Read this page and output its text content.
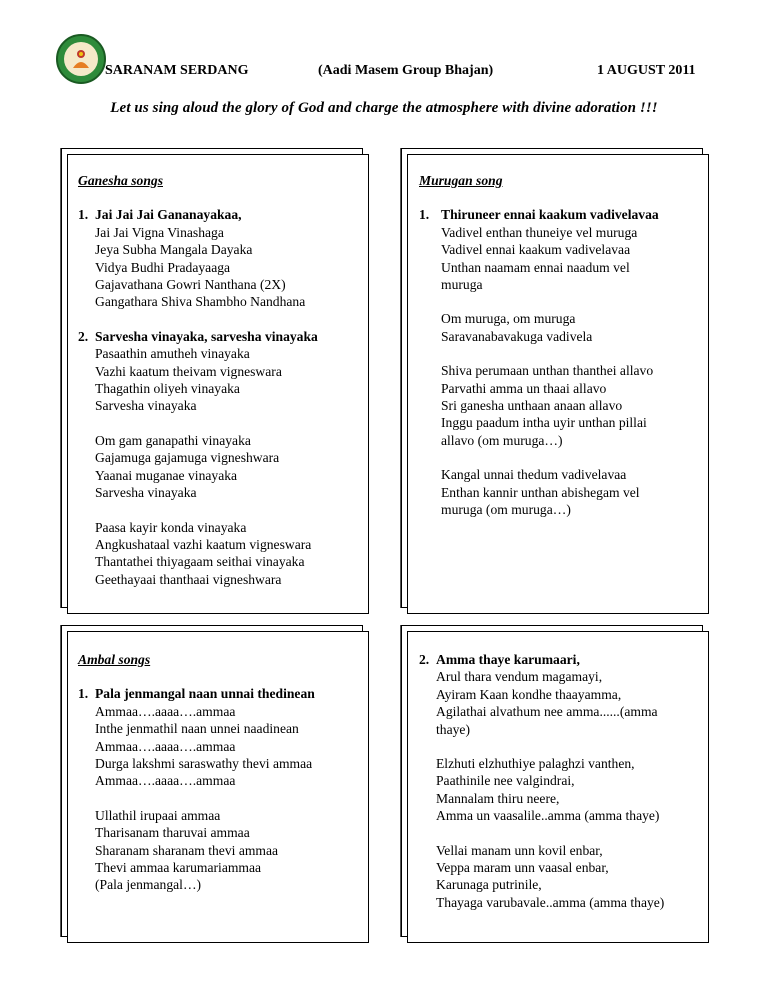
SARANAM SERDANG	(Aadi Masem Group Bhajan)	1 AUGUST 2011
Let us sing aloud the glory of God and charge the atmosphere with divine adoration !!!
Ganesha songs
1. Jai Jai Jai Gananayakaa,
Jai Jai Vigna Vinashaga
Jeya Subha Mangala Dayaka
Vidya Budhi Pradayaaga
Gajavathana Gowri Nanthana (2X)
Gangathara Shiva Shambho Nandhana
2. Sarvesha vinayaka, sarvesha vinayaka
Pasaathin amutheh vinayaka
Vazhi kaatum theivam vigneswara
Thagathin oliyeh vinayaka
Sarvesha vinayaka
Om gam ganapathi vinayaka
Gajamuga gajamuga vigneshwara
Yaanai muganae vinayaka
Sarvesha vinayaka
Paasa kayir konda vinayaka
Angkushataal vazhi kaatum vigneswara
Thantathei thiyagaam seithai vinayaka
Geethayaai thanthaai vigneshwara
Murugan song
1. Thiruneer ennai kaakum vadivelavaa
Vadivel enthan thuneiye vel muruga
Vadivel ennai kaakum vadivelavaa
Unthan naamam ennai naadum vel
muruga
Om muruga, om muruga
Saravanabavakuga vadivela
Shiva perumaan unthan thanthei allavo
Parvathi amma un thaai allavo
Sri ganesha unthaan anaan allavo
Inggu paadum intha uyir unthan pillai
allavo (om muruga…)
Kangal unnai thedum vadivelavaa
Enthan kannir unthan abishegam vel
muruga (om muruga…)
Ambal songs
1. Pala jenmangal naan unnai thedinean
Ammaa….aaaa….ammaa
Inthe jenmathil naan unnei naadinean
Ammaa….aaaa….ammaa
Durga lakshmi saraswathy thevi ammaa
Ammaa….aaaa….ammaa
Ullathil irupaai ammaa
Tharisanam tharuvai ammaa
Sharanam sharanam thevi ammaa
Thevi ammaa karumariammaa
(Pala jenmangal…)
2. Amma thaye karumaari,
Arul thara vendum magamayi,
Ayiram Kaan kondhe thaayamma,
Agilathai alvathum nee amma......(amma
thaye)
Elzhuti elzhuthiye palaghzi vanthen,
Paathinile nee valgindrai,
Mannalam thiru neere,
Amma un vaasalile..amma (amma thaye)
Vellai manam unn kovil enbar,
Veppa maram unn vaasal enbar,
Karunaga putrinile,
Thayaga varubavale..amma (amma thaye)
